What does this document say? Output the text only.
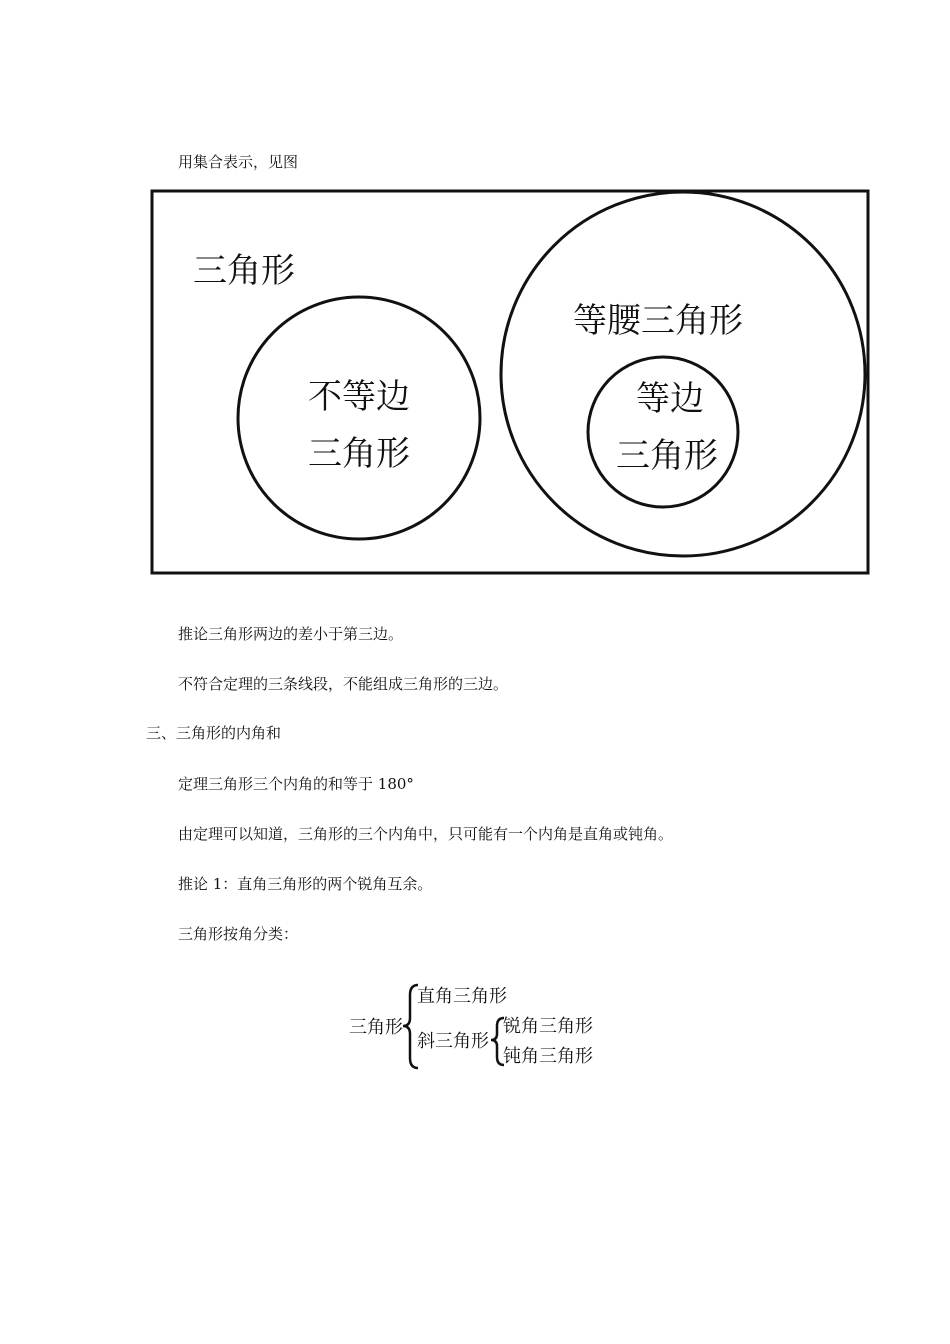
用集合表示，见图
三角形
不等边
三角形
等腰三角形
等边
三角形
三角形
直角三角形
斜三角形
锐角三角形
钝角三角形
推论三角形两边的差小于第三边。
不符合定理的三条线段，不能组成三角形的三边。
三、三角形的内角和
定理三角形三个内角的和等于 180°
由定理可以知道，三角形的三个内角中，只可能有一个内角是直角或钝角。
推论 1：直角三角形的两个锐角互余。
三角形按角分类：
